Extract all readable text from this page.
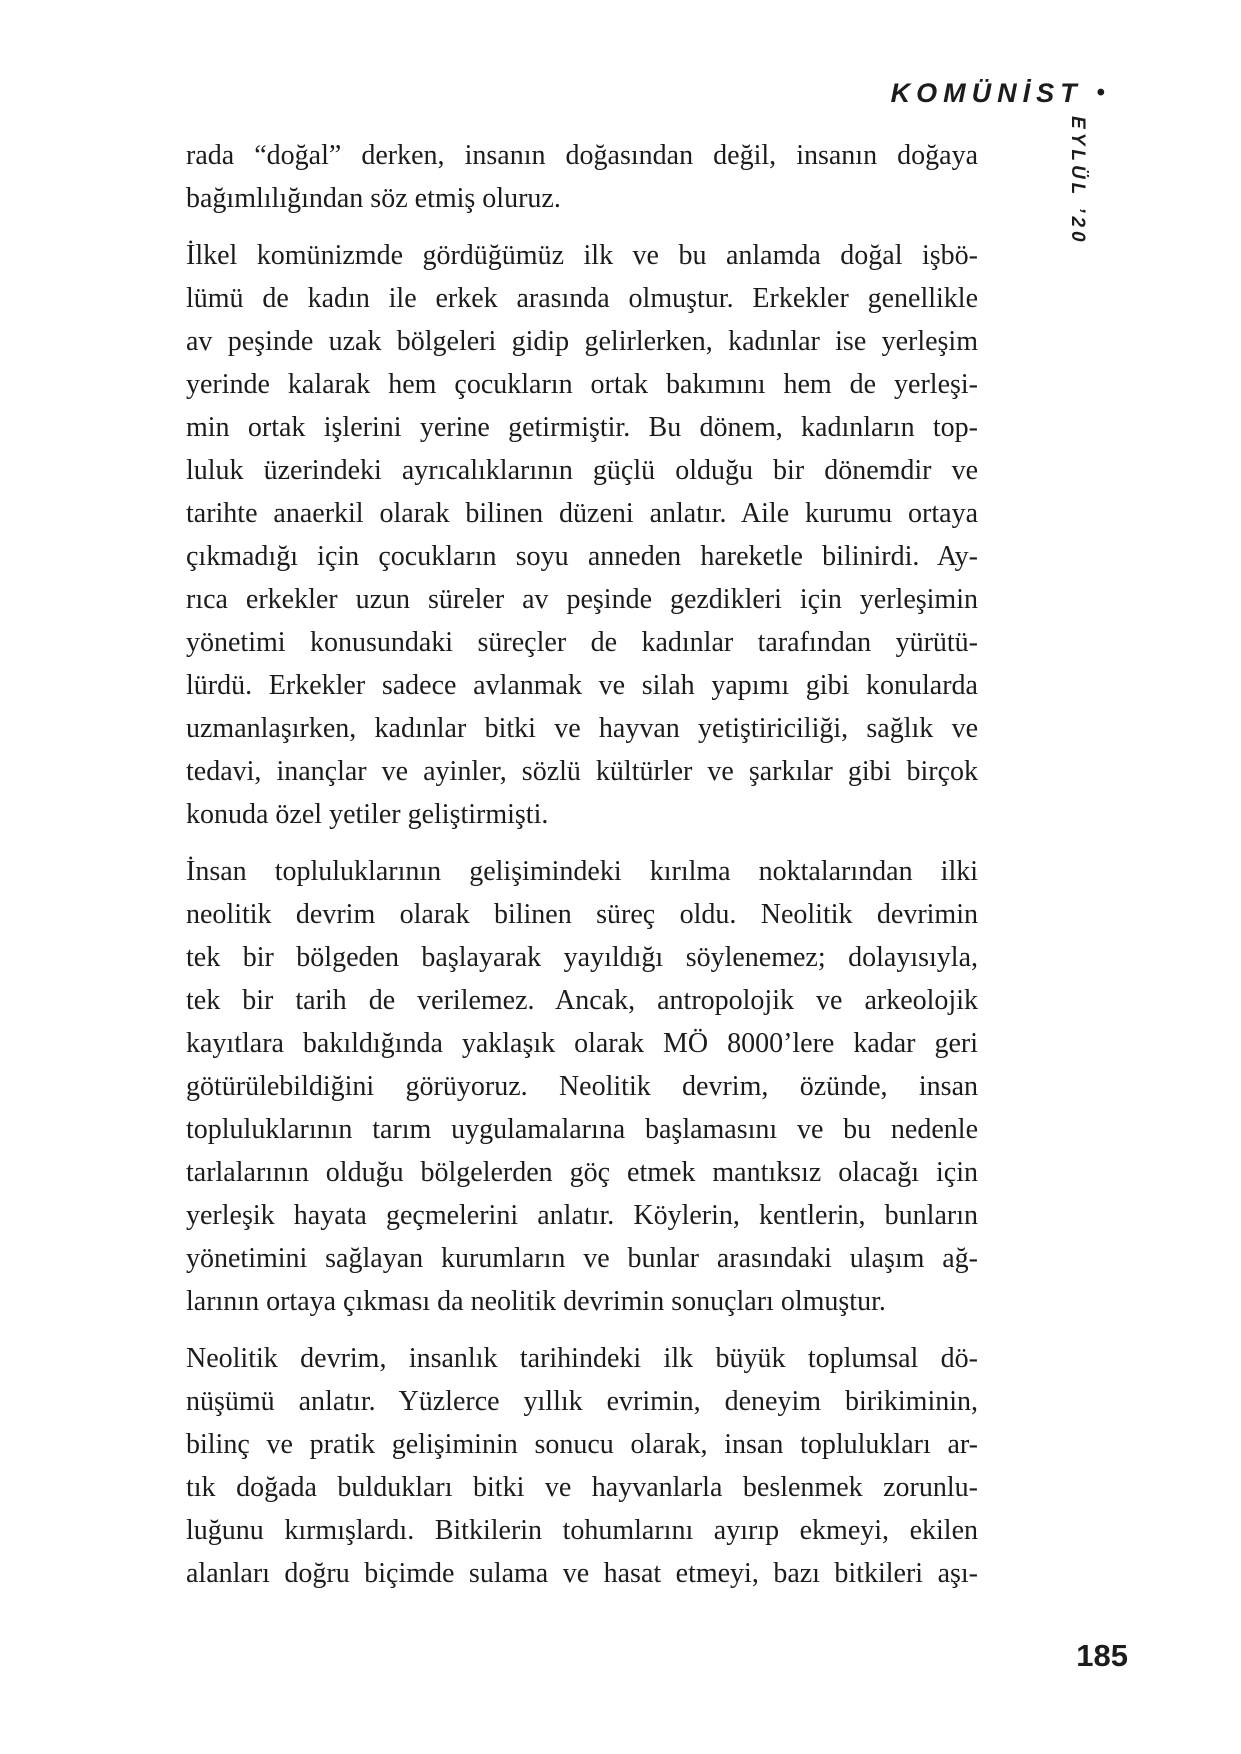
KOMÜNİST •
EYLÜL ’20
rada “doğal” derken, insanın doğasından değil, insanın doğaya
bağımlılığından söz etmiş oluruz.
İlkel komünizmde gördüğümüz ilk ve bu anlamda doğal işbö-
lümü de kadın ile erkek arasında olmuştur. Erkekler genellikle
av peşinde uzak bölgeleri gidip gelirlerken, kadınlar ise yerleşim
yerinde kalarak hem çocukların ortak bakımını hem de yerleşi-
min ortak işlerini yerine getirmiştir. Bu dönem, kadınların top-
luluk üzerindeki ayrıcalıklarının güçlü olduğu bir dönemdir ve
tarihte anaerkil olarak bilinen düzeni anlatır. Aile kurumu ortaya
çıkmadığı için çocukların soyu anneden hareketle bilinirdi. Ay-
rıca erkekler uzun süreler av peşinde gezdikleri için yerleşimin
yönetimi konusundaki süreçler de kadınlar tarafından yürütü-
lürdü. Erkekler sadece avlanmak ve silah yapımı gibi konularda
uzmanlaşırken, kadınlar bitki ve hayvan yetiştiriciliği, sağlık ve
tedavi, inançlar ve ayinler, sözlü kültürler ve şarkılar gibi birçok
konuda özel yetiler geliştirmişti.
İnsan topluluklarının gelişimindeki kırılma noktalarından ilki
neolitik devrim olarak bilinen süreç oldu. Neolitik devrimin
tek bir bölgeden başlayarak yayıldığı söylenemez; dolayısıyla,
tek bir tarih de verilemez. Ancak, antropolojik ve arkeolojik
kayıtlara bakıldığında yaklaşık olarak MÖ 8000’lere kadar geri
götürülebildiğini görüyoruz. Neolitik devrim, özünde, insan
topluluklarının tarım uygulamalarına başlamasını ve bu nedenle
tarlalarının olduğu bölgelerden göç etmek mantıksız olacağı için
yerleşik hayata geçmelerini anlatır. Köylerin, kentlerin, bunların
yönetimini sağlayan kurumların ve bunlar arasındaki ulaşım ağ-
larının ortaya çıkması da neolitik devrimin sonuçları olmuştur.
Neolitik devrim, insanlık tarihindeki ilk büyük toplumsal dö-
nüşümü anlatır. Yüzlerce yıllık evrimin, deneyim birikiminin,
bilinç ve pratik gelişiminin sonucu olarak, insan toplulukları ar-
tık doğada buldukları bitki ve hayvanlarla beslenmek zorunlu-
luğunu kırmışlardı. Bitkilerin tohumlarını ayırıp ekmeyi, ekilen
alanları doğru biçimde sulama ve hasat etmeyi, bazı bitkileri aşı-
185
